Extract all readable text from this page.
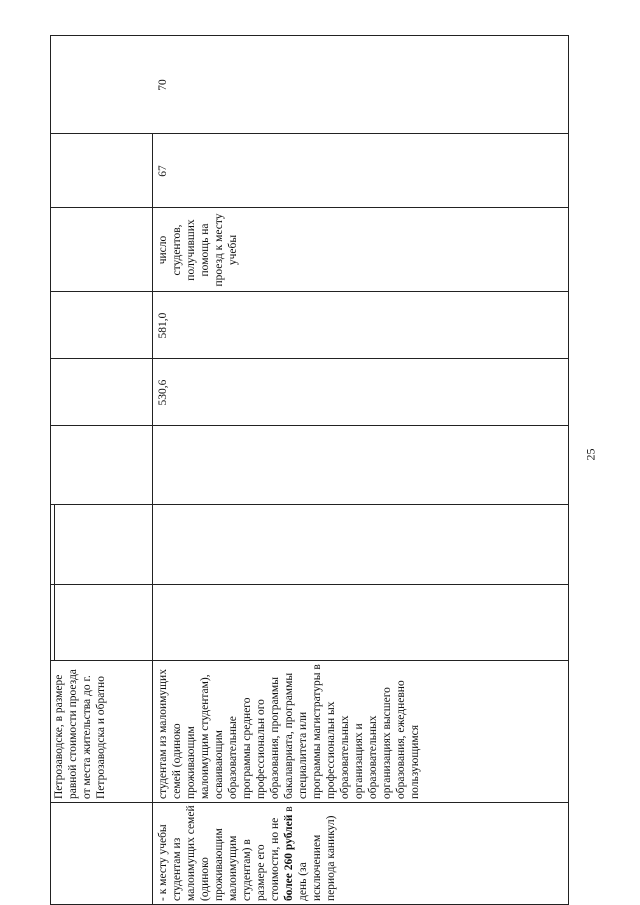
Петрозаводске, в размере равной стоимости проезда от места жительства до г. Петрозаводска и обратно
530,6
581,0
число студентов, получивших помощь на проезд к месту учебы
67
70
- к месту учебы студентам из малоимущих семей (одиноко проживающим малоимущим студентам) в размере его стоимости, но не более 260 рублей в день (за исключением периода каникул)
студентам из малоимущих семей (одиноко проживающим малоимущим студентам), осваивающим образовательные программы среднего профессиональн ого образования, программы бакалавриата, программы специалитета или программы магистратуры в профессиональн ых образовательных организациях и образовательных организациях высшего образования, ежедневно пользующимся
25
